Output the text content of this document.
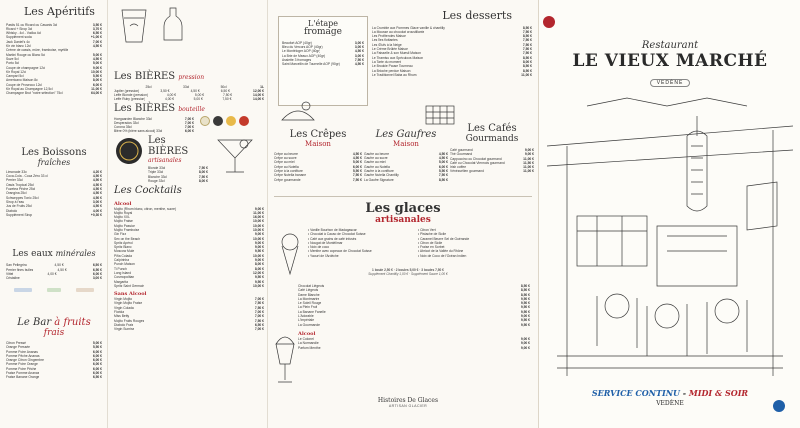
Les Apéritifs
Pastis 51 ou Ricard ou Casanis 3cl	3,50 €
Ricard + Sirop 3cl	3,70 €
Whisky - 4cl - Vodka 4cl	6,50 €
Supplément soda	+1,00 €
Jack Daniel's 4cl	7,00 €
Kir vin blanc 12cl	4,50 €
Crème de cassis, mûre, framboise, myrtille
Martini Rouge ou Blanc 5cl	5,00 €
Suze 5cl	4,50 €
Porto 5cl	5,00 €
Coupe de champagne 12cl	9,00 €
Kir Royal 12cl	10,00 €
Campari 5cl	5,50 €
Americano Maison 8cl	8,00 €
Coupe de Prosecco 12cl	6,00 €
Kir Royal au Champagne 12,5cl	11,00 €
Champagne Brut "notre sélection" 75cl	64,00 €
Les Boissons
fraîches
Limonade 33cl	4,20 €
Coca-Cola - Coca Zéro 33 cl	4,50 €
Perrier 33cl	4,50 €
Oasis Tropical 25cl	4,50 €
Fuzetea Pêche 25cl	4,50 €
Orangina 25cl	4,50 €
Schweppes Tonic 25cl	4,50 €
Sirop à l'eau	3,00 €
Jus de Fruits 25cl	4,50 €
Diabolo	4,00 €
Supplément Sirop	+0,30 €
Les eaux minérales
San Pellegrino	4,50 €	6,50 €
Perrier fines bulles	4,50 €	6,50 €
Vittel	4,00 €	6,00 €
Cristaline	3,00 €
Le Bar à fruits
frais
Citron Pressé	5,00 €
Orange Pressée	5,50 €
Pomme Poire Ananas	6,00 €
Pomme Pêche Ananas	6,00 €
Orange Citron Gingembre	6,00 €
Pomme Poire Orange	6,00 €
Pomme Poire Pêche	6,00 €
Fraise Pomme Ananas	6,00 €
Fraise Banane Orange	6,50 €
Les BIÈRES pression
25cl	33cl	50cl	1L
Jupiler (pression)	3,50 €	4,50 €	6,50 €	12,00 €
Leffe Blonde (pression)	4,00 €	5,00 €	7,50 €	14,00 €
Leffe Ruby (pression)	4,00 €	5,00 €	7,50 €	14,00 €
Les BIÈRES bouteille
Hoegaarden Blanche 33cl	7,00 €
Desperados 33cl	7,00 €
Corona 35cl	7,00 €
Bière 0% (bière sans alcool) 33cl	6,00 €
Les BIÈRES
artisanales
Blonde 33cl	7,50 €
Triple 33cl	8,00 €
Blanche 33cl	7,50 €
Rouge 33cl	8,00 €
Les Cocktails
Alcool
Mojito (Rhum blanc, citron, menthe, sucre)	9,00 €
Mojito Royal	11,00 €
Mojito XXL	16,00 €
Mojito Fraise	10,00 €
Mojito Passion	10,00 €
Mojito Framboise	10,00 €
Gin Fizz	9,00 €
Sex on the Beach	10,00 €
Spritz Apérol	9,00 €
Spritz Blanc	9,00 €
Moscow Mule	9,50 €
Piña Colada	10,00 €
Caïpirinha	9,00 €
Punch Maison	8,00 €
Ti Punch	8,00 €
Long Island	12,00 €
Cosmopolitan	9,50 €
Margarita	9,50 €
Spritz Saint Germain	10,00 €
Sans Alcool
Virgin Mojito	7,00 €
Virgin Mojito Fraise	7,50 €
Virgin Colada	7,50 €
Florida	7,00 €
Miss Betty	7,00 €
Mojito Fruits Rouges	7,50 €
Diabolo Frais	6,50 €
Virgin Sunrise	7,00 €
L'étape
fromage
Beaufort AOP (40gr)	3,00 €
Bleu du Vercors AOP (40gr)	3,00 €
Le Montéloger AOP (40gr)	4,50 €
La Brie de Meaux AOP (40gr)	3,00 €
Assiette 3 fromages	7,50 €
Saint Marcellin de Tournelle AOP (90gr)	4,50 €
Les desserts
La Crumble aux Pommes Glace vanille & chantilly	8,50 €
La Mousse au chocolat croustillante	7,50 €
Les Profiteroles Maison	8,50 €
Les Îles flottantes	7,50 €
Les Œufs à la Neige	7,50 €
Le Crème Brûlée Maison	7,50 €
La Faisselle & son Muesli Maison	7,50 €
Le Tiramisu aux Spéculoos Maison	8,50 €
La Tarte du moment	8,00 €
Le Brookie Pause Tourneau	8,50 €
La Brioche perdue Maison	8,50 €
Le Traditionnel Baba au Rhum	11,00 €
Les Crêpes
Maison
Crêpe au beurre	4,50 €
Crêpe au sucre	4,50 €
Crêpe au miel	5,00 €
Crêpe au Nutella	6,00 €
Crêpe à la confiture	5,50 €
Crêpe Nutella banane	7,50 €
Crêpe gourmande	7,50 €
Les Gaufres
Maison
Gaufre au beurre	4,50 €
Gaufre au sucre	4,50 €
Gaufre au miel	5,00 €
Gaufre au Nutella	6,00 €
Gaufre à la confiture	5,50 €
Gaufre Nutella Chantilly	7,50 €
La Gaufre Signature	8,50 €
Les Cafés
Gourmands
Café gourmand	9,00 €
Thé Gourmand	9,00 €
Cappuccino ou Chocolat gourmand	11,00 €
Café ou Chocolat Viennois gourmand	11,50 €
Irish coffee	11,00 €
Vénézuélien gourmand	11,00 €
Les glaces
artisanales
• Vanille Bourbon de Madagascar
• Chocolat à Cacao de Chocolat Suisse
• Café aux grains de café infusés
• Nougat de Montélimar
• Noix de coco
• Menthe avec copeaux de Chocolat Suisse
• Yaourt de l'Ardèche
• Citron Vert
• Pistache de Sicile
• Caramel Beurre Sel de Guérande
• Citron de Sicile
• Fraise en Sorbet
• Abricot de la Vallée du Rhône
• Noix de Coco de l'Océan Indien
1 boule 2,50 € · 2 boules 5,00 € · 3 boules 7,50 €
Supplément Chantilly 1,00 € · Supplément Sauce 1,00 €
Chocolat Liégeois	8,50 €
Café Liégeois	8,50 €
Dame Blanche	8,50 €
La Montmartre	9,50 €
Le Soleil Rouge	9,50 €
La Plein Fruit	9,50 €
La Banane Fanelle	9,50 €
L'Adorable	9,00 €
L'Impériale	9,50 €
La Gourmande	9,50 €
Alcool
Le Colonel	9,00 €
La Normandie	9,00 €
Parfum Menthe	9,00 €
Histoires De Glaces
ARTISAN GLACIER
Restaurant
LE VIEUX MARCHÉ
VEDÈNE
SERVICE CONTINU - MIDI & SOIR
VEDÈNE
